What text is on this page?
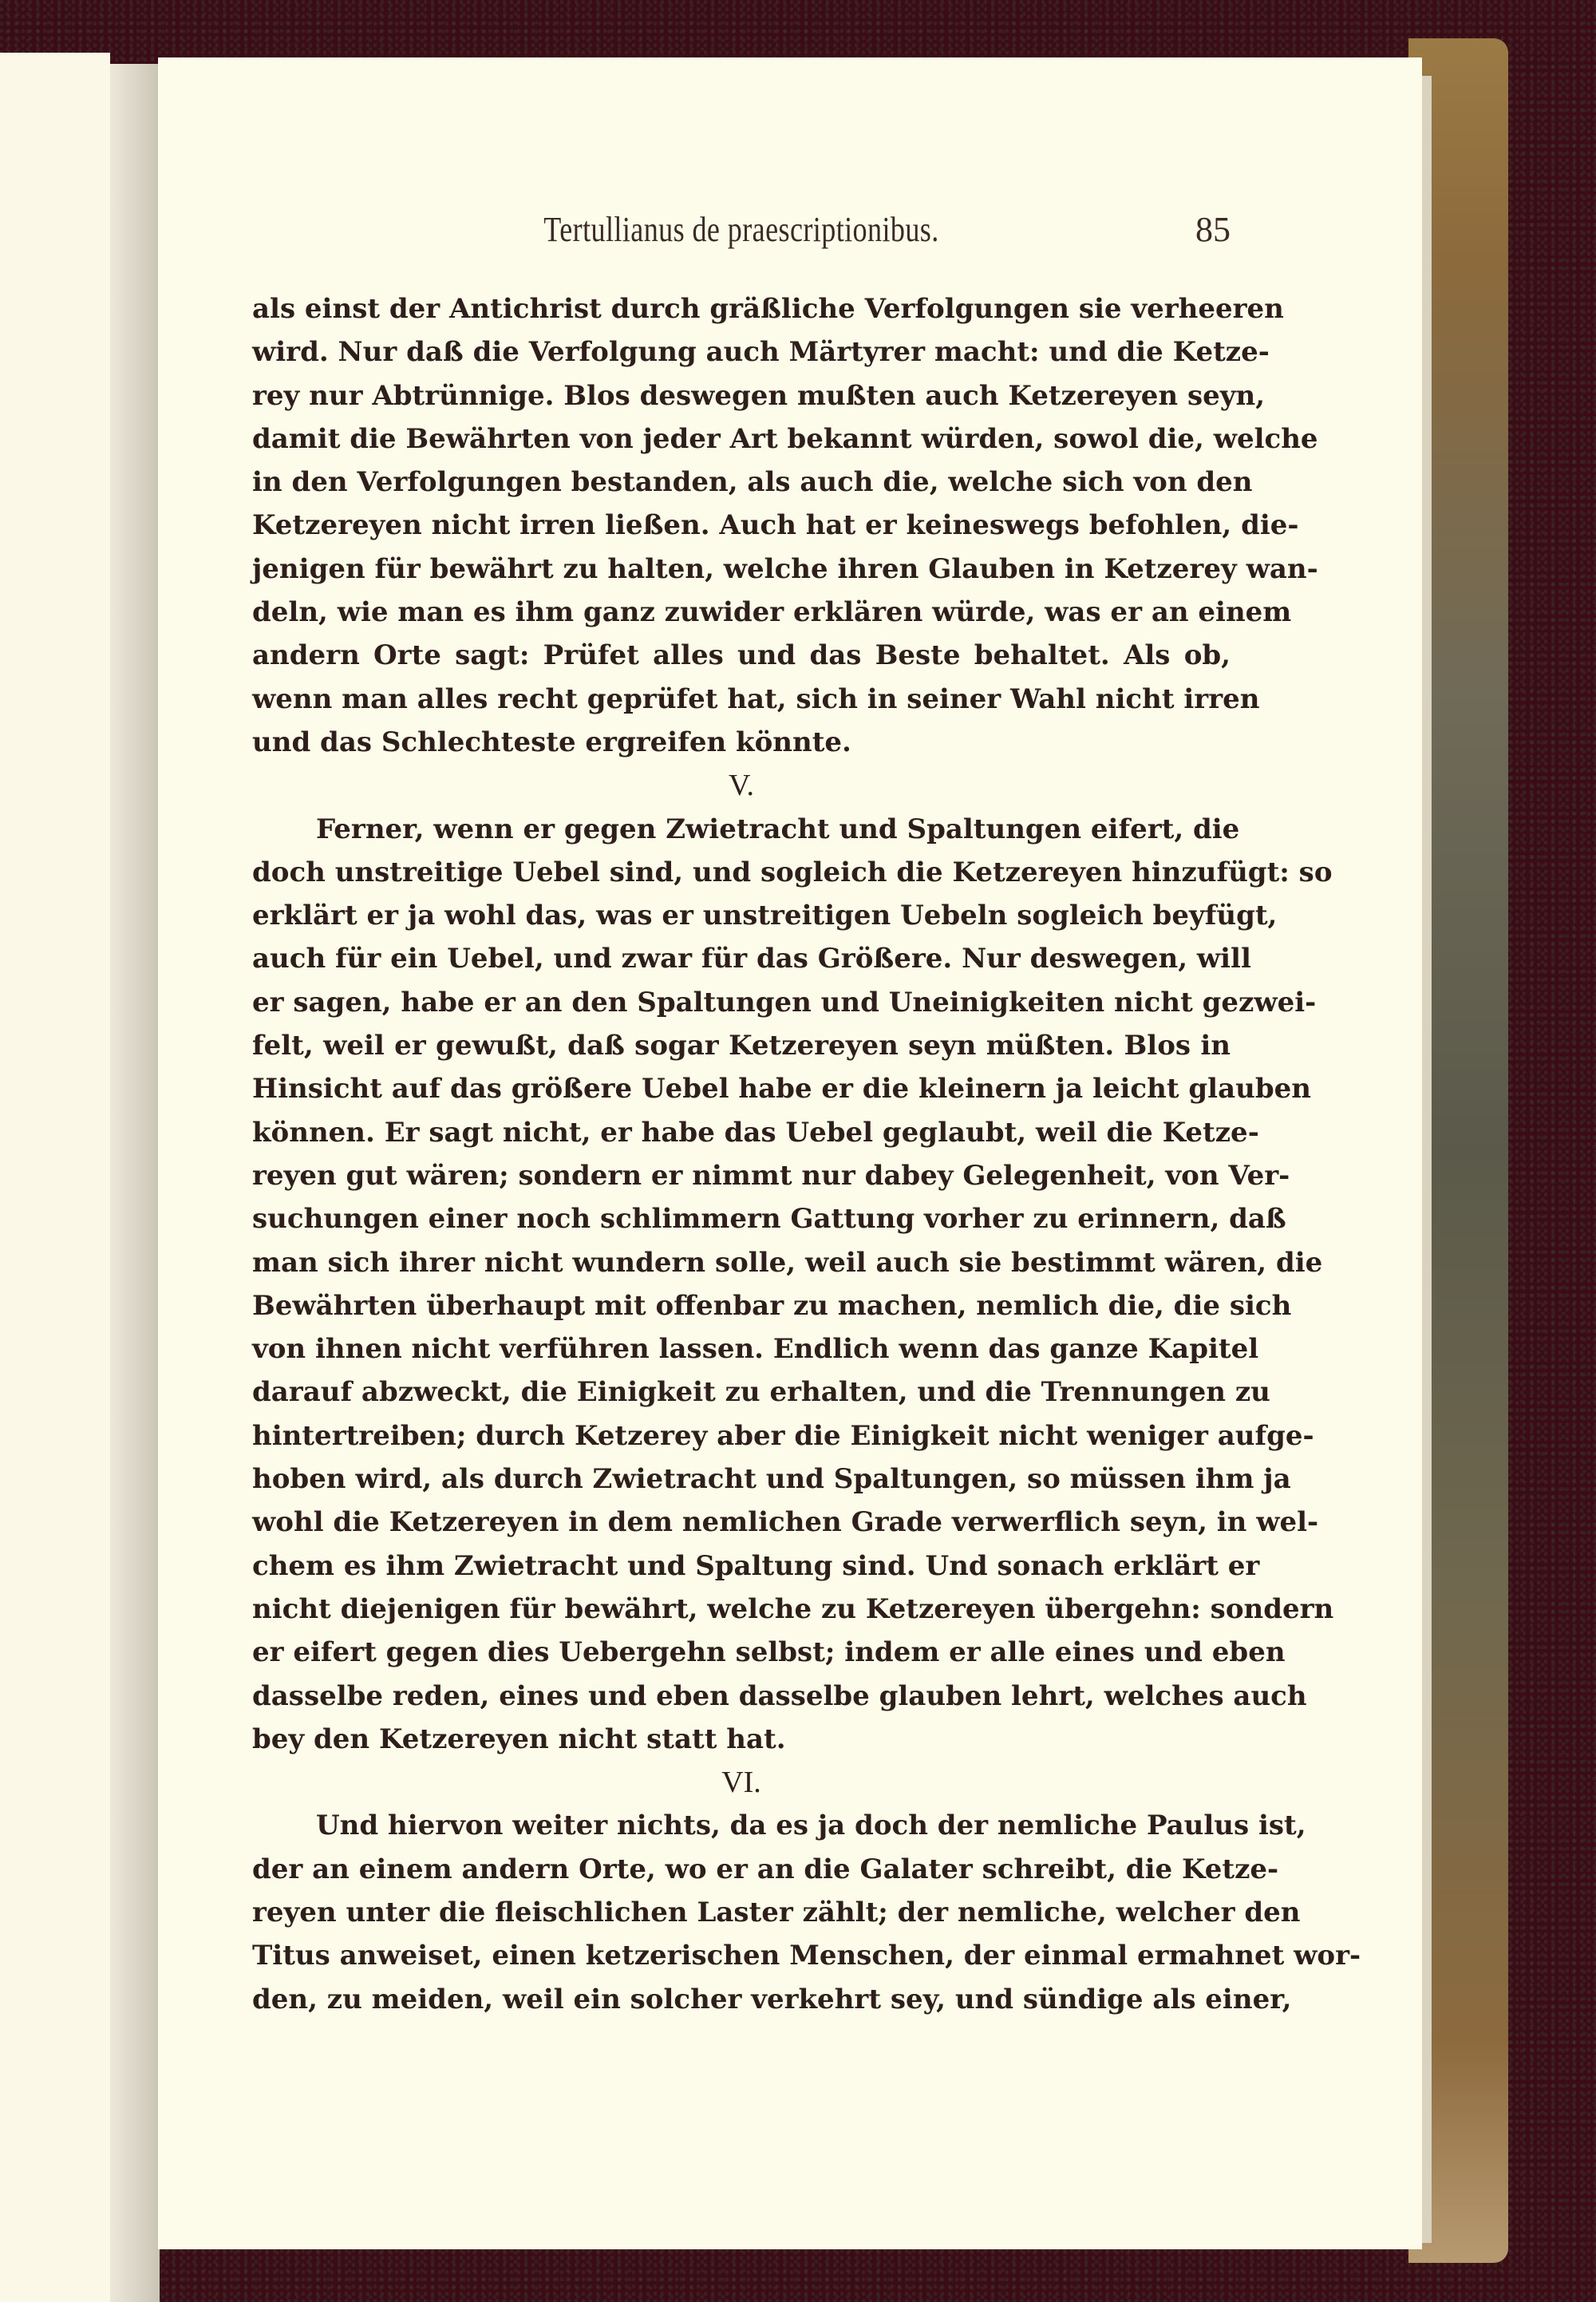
Tertullianus de praescriptionibus.	85
als einst der Antichrist durch gräßliche Verfolgungen sie verheeren
wird. Nur daß die Verfolgung auch Märtyrer macht: und die Ketze-
rey nur Abtrünnige. Blos deswegen mußten auch Ketzereyen seyn,
damit die Bewährten von jeder Art bekannt würden, sowol die, welche
in den Verfolgungen bestanden, als auch die, welche sich von den
Ketzereyen nicht irren ließen. Auch hat er keineswegs befohlen, die-
jenigen für bewährt zu halten, welche ihren Glauben in Ketzerey wan-
deln, wie man es ihm ganz zuwider erklären würde, was er an einem
andern Orte sagt: Prüfet alles und das Beste behaltet. Als ob,
wenn man alles recht geprüfet hat, sich in seiner Wahl nicht irren
und das Schlechteste ergreifen könnte.
V.
Ferner, wenn er gegen Zwietracht und Spaltungen eifert, die
doch unstreitige Uebel sind, und sogleich die Ketzereyen hinzufügt: so
erklärt er ja wohl das, was er unstreitigen Uebeln sogleich beyfügt,
auch für ein Uebel, und zwar für das Größere. Nur deswegen, will
er sagen, habe er an den Spaltungen und Uneinigkeiten nicht gezwei-
felt, weil er gewußt, daß sogar Ketzereyen seyn müßten. Blos in
Hinsicht auf das größere Uebel habe er die kleinern ja leicht glauben
können. Er sagt nicht, er habe das Uebel geglaubt, weil die Ketze-
reyen gut wären; sondern er nimmt nur dabey Gelegenheit, von Ver-
suchungen einer noch schlimmern Gattung vorher zu erinnern, daß
man sich ihrer nicht wundern solle, weil auch sie bestimmt wären, die
Bewährten überhaupt mit offenbar zu machen, nemlich die, die sich
von ihnen nicht verführen lassen. Endlich wenn das ganze Kapitel
darauf abzweckt, die Einigkeit zu erhalten, und die Trennungen zu
hintertreiben; durch Ketzerey aber die Einigkeit nicht weniger aufge-
hoben wird, als durch Zwietracht und Spaltungen, so müssen ihm ja
wohl die Ketzereyen in dem nemlichen Grade verwerflich seyn, in wel-
chem es ihm Zwietracht und Spaltung sind. Und sonach erklärt er
nicht diejenigen für bewährt, welche zu Ketzereyen übergehn: sondern
er eifert gegen dies Uebergehn selbst; indem er alle eines und eben
dasselbe reden, eines und eben dasselbe glauben lehrt, welches auch
bey den Ketzereyen nicht statt hat.
VI.
Und hiervon weiter nichts, da es ja doch der nemliche Paulus ist,
der an einem andern Orte, wo er an die Galater schreibt, die Ketze-
reyen unter die fleischlichen Laster zählt; der nemliche, welcher den
Titus anweiset, einen ketzerischen Menschen, der einmal ermahnet wor-
den, zu meiden, weil ein solcher verkehrt sey, und sündige als einer,
